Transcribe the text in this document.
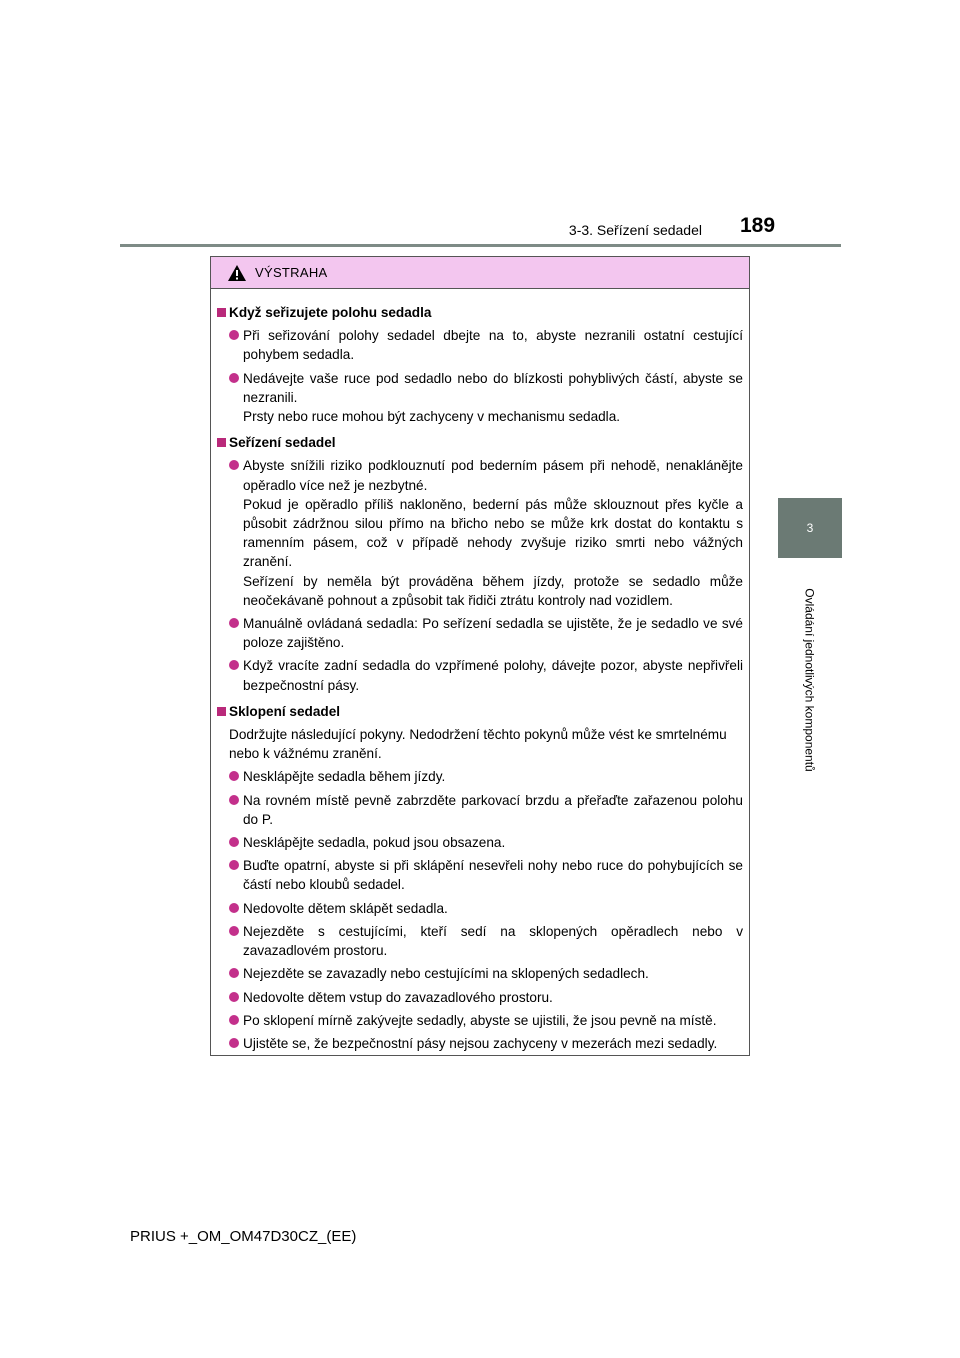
3-3. Seřízení sedadel 189
3
Ovládání jednotlivých komponentů
VÝSTRAHA
Když seřizujete polohu sedadla

Při seřizování polohy sedadel dbejte na to, abyste nezranili ostatní cestující pohybem sedadla.

Nedávejte vaše ruce pod sedadlo nebo do blízkosti pohyblivých částí, abyste se nezranili.

Prsty nebo ruce mohou být zachyceny v mechanismu sedadla.

Seřízení sedadel

Abyste snížili riziko podklouznutí pod bederním pásem při nehodě, nenaklánějte opěradlo více než je nezbytné.

Pokud je opěradlo příliš nakloněno, bederní pás může sklouznout přes kyčle a působit zádržnou silou přímo na břicho nebo se může krk dostat do kontaktu s ramenním pásem, což v případě nehody zvyšuje riziko smrti nebo vážných zranění.

Seřízení by neměla být prováděna během jízdy, protože se sedadlo může neočekávaně pohnout a způsobit tak řidiči ztrátu kontroly nad vozidlem.

Manuálně ovládaná sedadla: Po seřízení sedadla se ujistěte, že je sedadlo ve své poloze zajištěno.

Když vracíte zadní sedadla do vzpřímené polohy, dávejte pozor, abyste nepřivřeli bezpečnostní pásy.

Sklopení sedadel
Dodržujte následující pokyny. Nedodržení těchto pokynů může vést ke smrtelnému nebo k vážnému zranění.

Nesklápějte sedadla během jízdy.

Na rovném místě pevně zabrzděte parkovací brzdu a přeřaďte zařazenou polohu do P.

Nesklápějte sedadla, pokud jsou obsazena.

Buďte opatrní, abyste si při sklápění nesevřeli nohy nebo ruce do pohybujících se částí nebo kloubů sedadel.

Nedovolte dětem sklápět sedadla.

Nejezděte s cestujícími, kteří sedí na sklopených opěradlech nebo v zavazadlovém prostoru.

Nejezděte se zavazadly nebo cestujícími na sklopených sedadlech.

Nedovolte dětem vstup do zavazadlového prostoru.

Po sklopení mírně zakývejte sedadly, abyste se ujistili, že jsou pevně na místě.

Ujistěte se, že bezpečnostní pásy nejsou zachyceny v mezerách mezi sedadly.

PRIUS +_OM_OM47D30CZ_(EE)
